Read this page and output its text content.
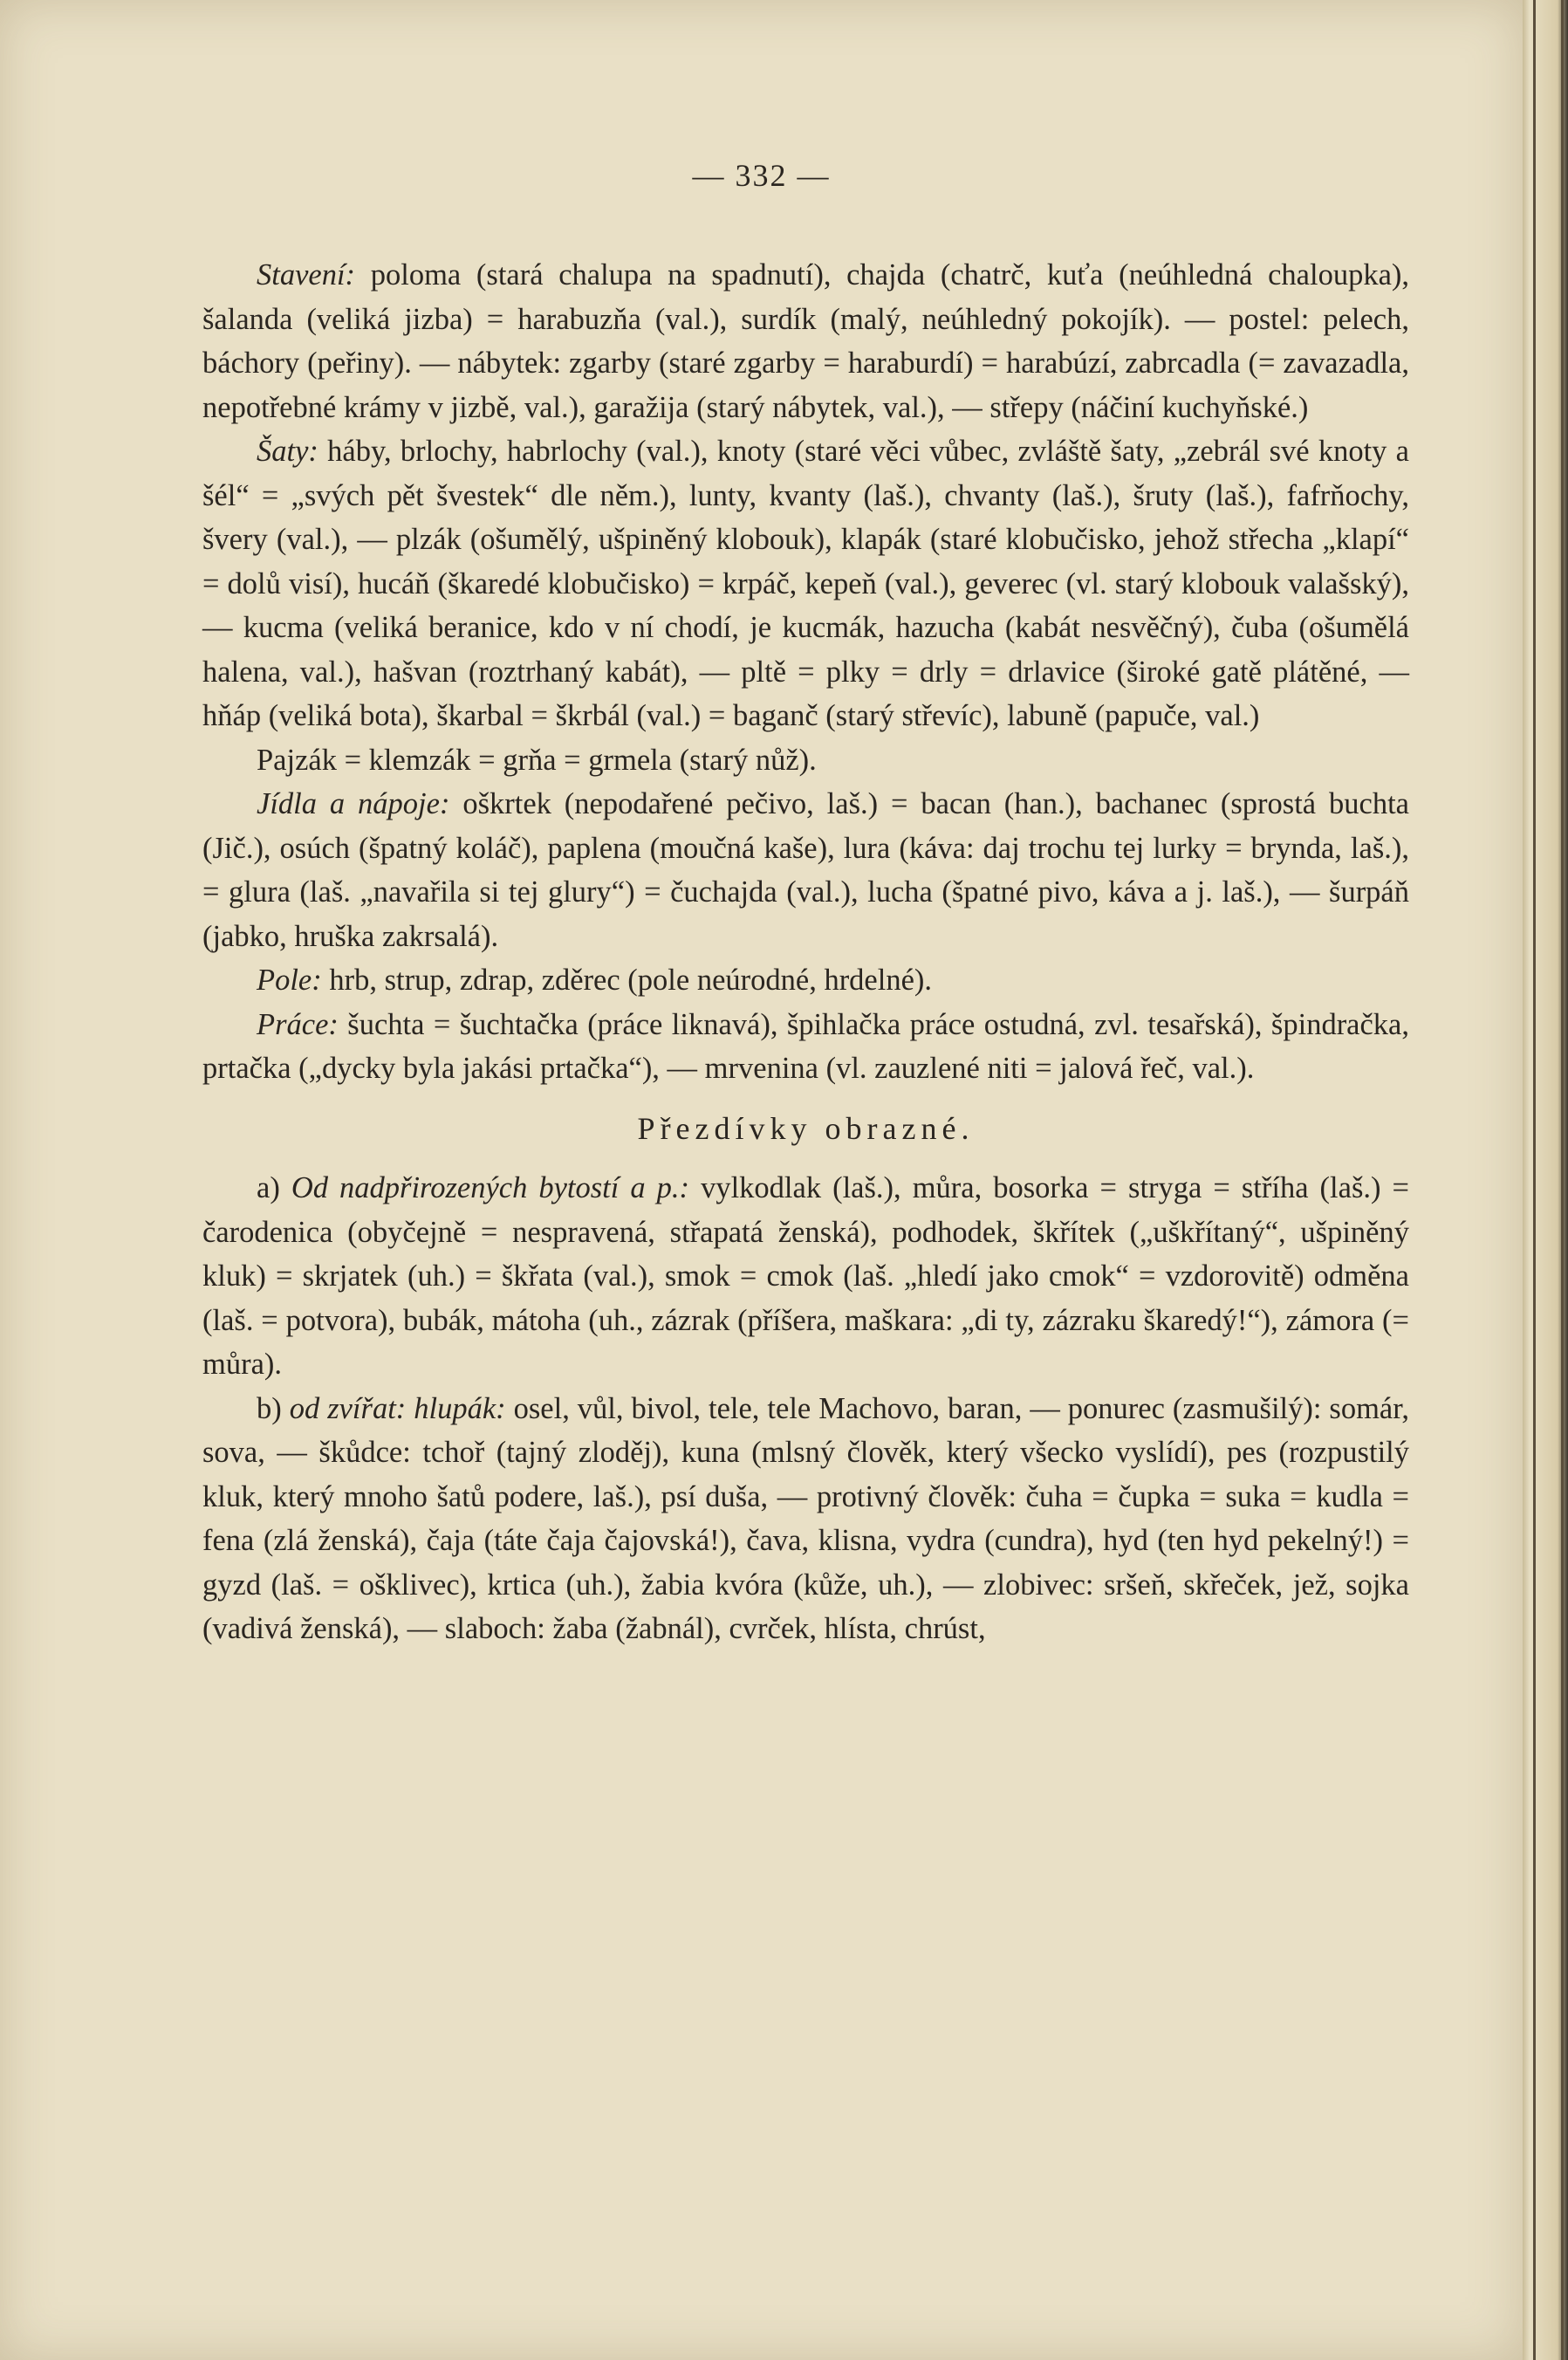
— 332 —

Stavení: poloma (stará chalupa na spadnutí), chajda (chatrč, kuťa (neúhledná chaloupka), šalanda (veliká jizba) = harabuzňa (val.), surdík (malý, neúhledný pokojík). — postel: pelech, báchory (peřiny). — nábytek: zgarby (staré zgarby = haraburdí) = harabúzí, zabrcadla (= zavazadla, nepotřebné krámy v jizbě, val.), garažija (starý nábytek, val.), — střepy (náčiní kuchyňské.)

Šaty: háby, brlochy, habrlochy (val.), knoty (staré věci vůbec, zvláště šaty, „zebrál své knoty a šél“ = „svých pět švestek“ dle něm.), lunty, kvanty (laš.), chvanty (laš.), šruty (laš.), fafrňochy, švery (val.), — plzák (ošumělý, ušpiněný klobouk), klapák (staré klobučisko, jehož střecha „klapí“ = dolů visí), hucáň (škaredé klobučisko) = krpáč, kepeň (val.), geverec (vl. starý klobouk valašský), — kucma (veliká beranice, kdo v ní chodí, je kucmák, hazucha (kabát nesvěčný), čuba (ošumělá halena, val.), hašvan (roztrhaný kabát), — pltě = plky = drly = drlavice (široké gatě plátěné, — hňáp (veliká bota), škarbal = škrbál (val.) = baganč (starý střevíc), labuně (papuče, val.)

Pajzák = klemzák = grňa = grmela (starý nůž).

Jídla a nápoje: oškrtek (nepodařené pečivo, laš.) = bacan (han.), bachanec (sprostá buchta (Jič.), osúch (špatný koláč), paplena (moučná kaše), lura (káva: daj trochu tej lurky = brynda, laš.), = glura (laš. „navařila si tej glury“) = čuchajda (val.), lucha (špatné pivo, káva a j. laš.), — šurpáň (jabko, hruška zakrsalá).

Pole: hrb, strup, zdrap, zděrec (pole neúrodné, hrdelné).

Práce: šuchta = šuchtačka (práce liknavá), špihlačka práce ostudná, zvl. tesařská), špindračka, prtačka („dycky byla jakási prtačka“), — mrvenina (vl. zauzlené niti = jalová řeč, val.).

Přezdívky obrazné.

a) Od nadpřirozených bytostí a p.: vylkodlak (laš.), můra, bosorka = stryga = stříha (laš.) = čarodenica (obyčejně = nespravená, střapatá ženská), podhodek, škřítek („uškřítaný“, ušpiněný kluk) = skrjatek (uh.) = škřata (val.), smok = cmok (laš. „hledí jako cmok“ = vzdorovitě) odměna (laš. = potvora), bubák, mátoha (uh., zázrak (příšera, maškara: „di ty, zázraku škaredý!“), zámora (= můra).

b) od zvířat: hlupák: osel, vůl, bivol, tele, tele Machovo, baran, — ponurec (zasmušilý): somár, sova, — škůdce: tchoř (tajný zloděj), kuna (mlsný člověk, který všecko vyslídí), pes (rozpustilý kluk, který mnoho šatů podere, laš.), psí duša, — protivný člověk: čuha = čupka = suka = kudla = fena (zlá ženská), čaja (táte čaja čajovská!), čava, klisna, vydra (cundra), hyd (ten hyd pekelný!) = gyzd (laš. = ošklivec), krtica (uh.), žabia kvóra (kůže, uh.), — zlobivec: sršeň, skřeček, jež, sojka (vadivá ženská), — slaboch: žaba (žabnál), cvrček, hlísta, chrúst,
